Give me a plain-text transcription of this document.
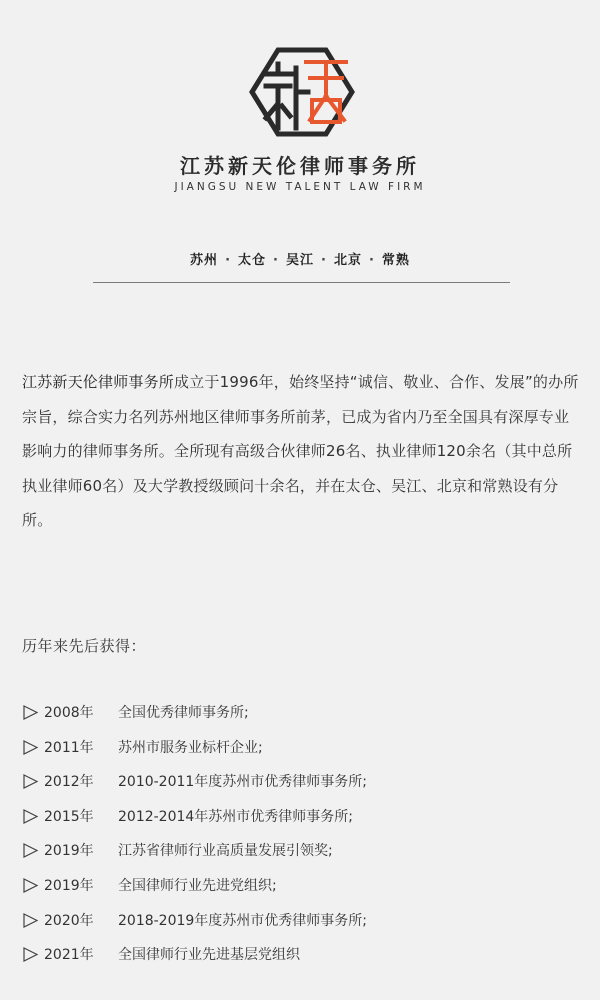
江苏新天伦律师事务所
JIANGSU NEW TALENT LAW FIRM
苏州 · 太仓 · 吴江 · 北京 · 常熟
江苏新天伦律师事务所成立于1996年，始终坚持“诚信、敬业、合作、发展”的办所宗旨，综合实力名列苏州地区律师事务所前茅，已成为省内乃至全国具有深厚专业影响力的律师事务所。全所现有高级合伙律师26名、执业律师120余名（其中总所执业律师60名）及大学教授级顾问十余名，并在太仓、吴江、北京和常熟设有分所。
历年来先后获得：
2008年	全国优秀律师事务所;
2011年	苏州市服务业标杆企业;
2012年	2010-2011年度苏州市优秀律师事务所;
2015年	2012-2014年苏州市优秀律师事务所;
2019年	江苏省律师行业高质量发展引领奖;
2019年	全国律师行业先进党组织;
2020年	2018-2019年度苏州市优秀律师事务所;
2021年	全国律师行业先进基层党组织
